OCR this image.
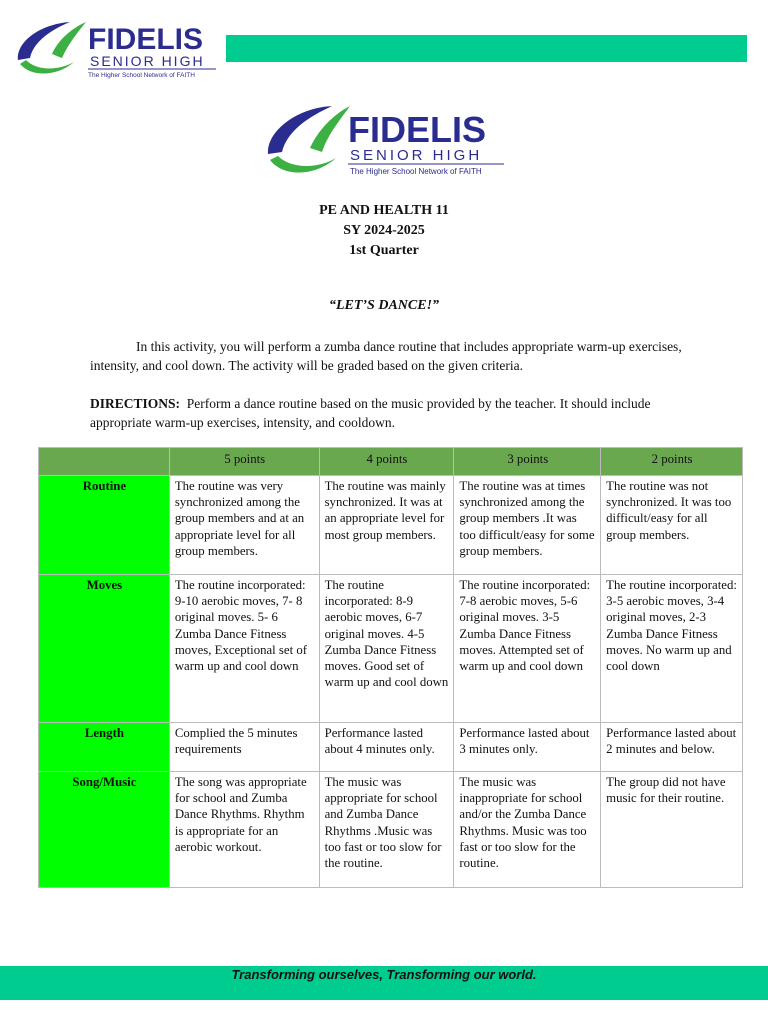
FIDELIS
SENIOR HIGH
The Higher School Network of FAITH
FIDELIS
SENIOR HIGH
The Higher School Network of FAITH
PE AND HEALTH 11
SY 2024-2025
1st Quarter
“LET’S DANCE!”
In this activity, you will perform a zumba dance routine that includes appropriate warm-up exercises, intensity, and cool down. The activity will be graded based on the given criteria.
DIRECTIONS: Perform a dance routine based on the music provided by the teacher. It should include appropriate warm-up exercises, intensity, and cooldown.
	5 points	4 points	3 points	2 points
Routine	The routine was very synchronized among the group members and at an appropriate level for all group members.	The routine was mainly synchronized. It was at an appropriate level for most group members.	The routine was at times synchronized among the group members .It was too difficult/easy for some group members.	The routine was not synchronized. It was too difficult/easy for all group members.
Moves	The routine incorporated: 9-10 aerobic moves, 7- 8 original moves. 5- 6 Zumba Dance Fitness moves, Exceptional set of warm up and cool down	The routine incorporated: 8-9 aerobic moves, 6-7 original moves. 4-5 Zumba Dance Fitness moves. Good set of warm up and cool down	The routine incorporated: 7-8 aerobic moves, 5-6 original moves. 3-5 Zumba Dance Fitness moves. Attempted set of warm up and cool down	The routine incorporated: 3-5 aerobic moves, 3-4 original moves, 2-3 Zumba Dance Fitness moves. No warm up and cool down
Length	Complied the 5 minutes requirements	Performance lasted about 4 minutes only.	Performance lasted about 3 minutes only.	Performance lasted about 2 minutes and below.
Song/Music	The song was appropriate for school and Zumba Dance Rhythms. Rhythm is appropriate for an aerobic workout.	The music was appropriate for school and Zumba Dance Rhythms .Music was too fast or too slow for the routine.	The music was inappropriate for school and/or the Zumba Dance Rhythms. Music was too fast or too slow for the routine.	The group did not have music for their routine.
Transforming ourselves, Transforming our world.
